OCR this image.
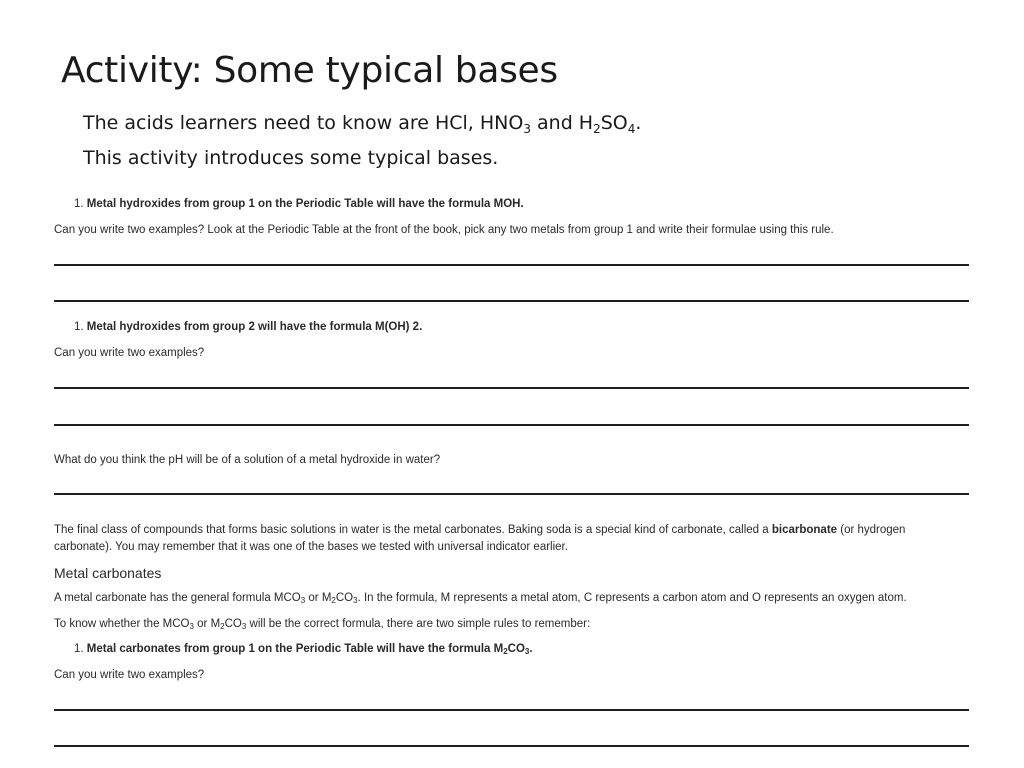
Activity: Some typical bases
The acids learners need to know are HCl, $HNO_3$ and $H_2SO_4$.
This activity introduces some typical bases.
1. Metal hydroxides from group 1 on the Periodic Table will have the formula MOH.
Can you write two examples? Look at the Periodic Table at the front of the book, pick any two metals from group 1 and write their formulae using this rule.
1. Metal hydroxides from group 2 will have the formula M(OH) 2.
Can you write two examples?
What do you think the pH will be of a solution of a metal hydroxide in water?
The final class of compounds that forms basic solutions in water is the metal carbonates. Baking soda is a special kind of carbonate, called a bicarbonate (or hydrogen
carbonate). You may remember that it was one of the bases we tested with universal indicator earlier.
Metal carbonates
A metal carbonate has the general formula $MCO_3$ or $M_2CO_3$. In the formula, M represents a metal atom, C represents a carbon atom and O represents an oxygen atom.
To know whether the $MCO_3$ or $M_2CO_3$ will be the correct formula, there are two simple rules to remember:
1. Metal carbonates from group 1 on the Periodic Table will have the formula $M_2CO_3$.
Can you write two examples?
